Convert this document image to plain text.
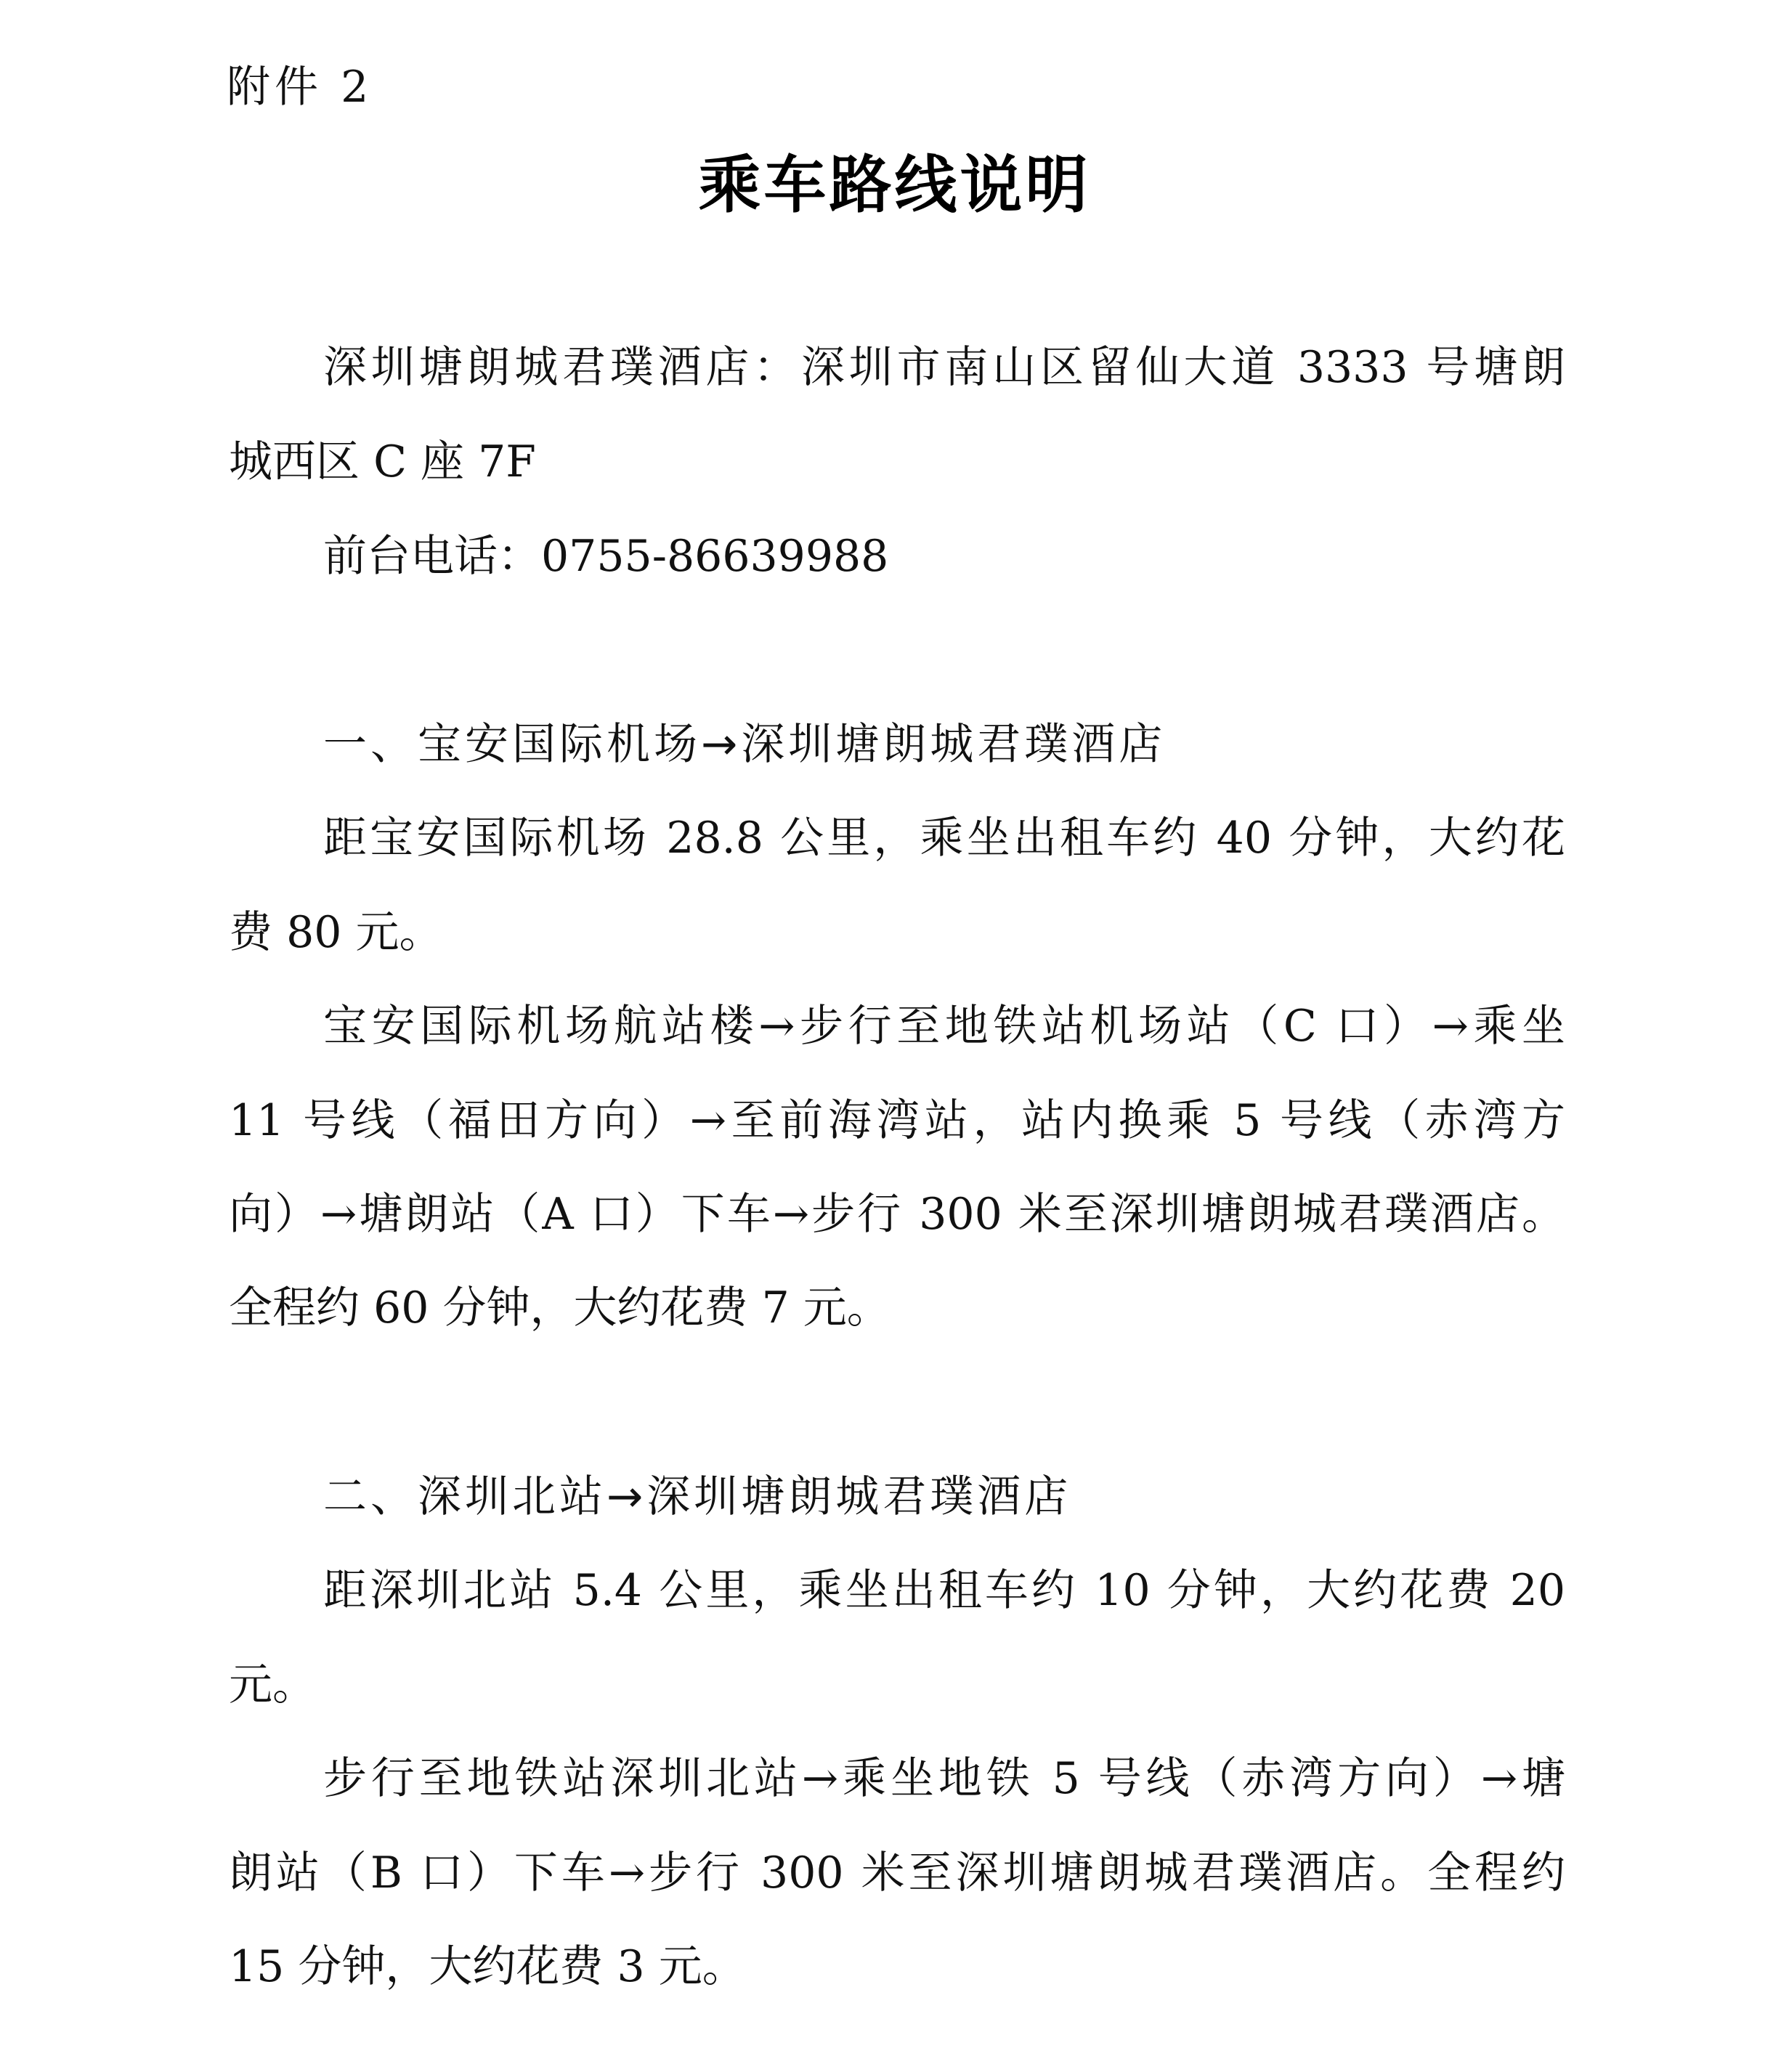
附件 2
乘车路线说明
深圳塘朗城君璞酒店：深圳市南山区留仙大道 3333 号塘朗
城西区 C 座 7F
前台电话：0755-86639988
一、宝安国际机场→深圳塘朗城君璞酒店
距宝安国际机场 28.8 公里，乘坐出租车约 40 分钟，大约花
费 80 元。
宝安国际机场航站楼→步行至地铁站机场站（C 口）→乘坐
11 号线（福田方向）→至前海湾站，站内换乘 5 号线（赤湾方
向）→塘朗站（A 口）下车→步行 300 米至深圳塘朗城君璞酒店。
全程约 60 分钟，大约花费 7 元。
二、深圳北站→深圳塘朗城君璞酒店
距深圳北站 5.4 公里，乘坐出租车约 10 分钟，大约花费 20
元。
步行至地铁站深圳北站→乘坐地铁 5 号线（赤湾方向）→塘
朗站（B 口）下车→步行 300 米至深圳塘朗城君璞酒店。全程约
15 分钟，大约花费 3 元。
